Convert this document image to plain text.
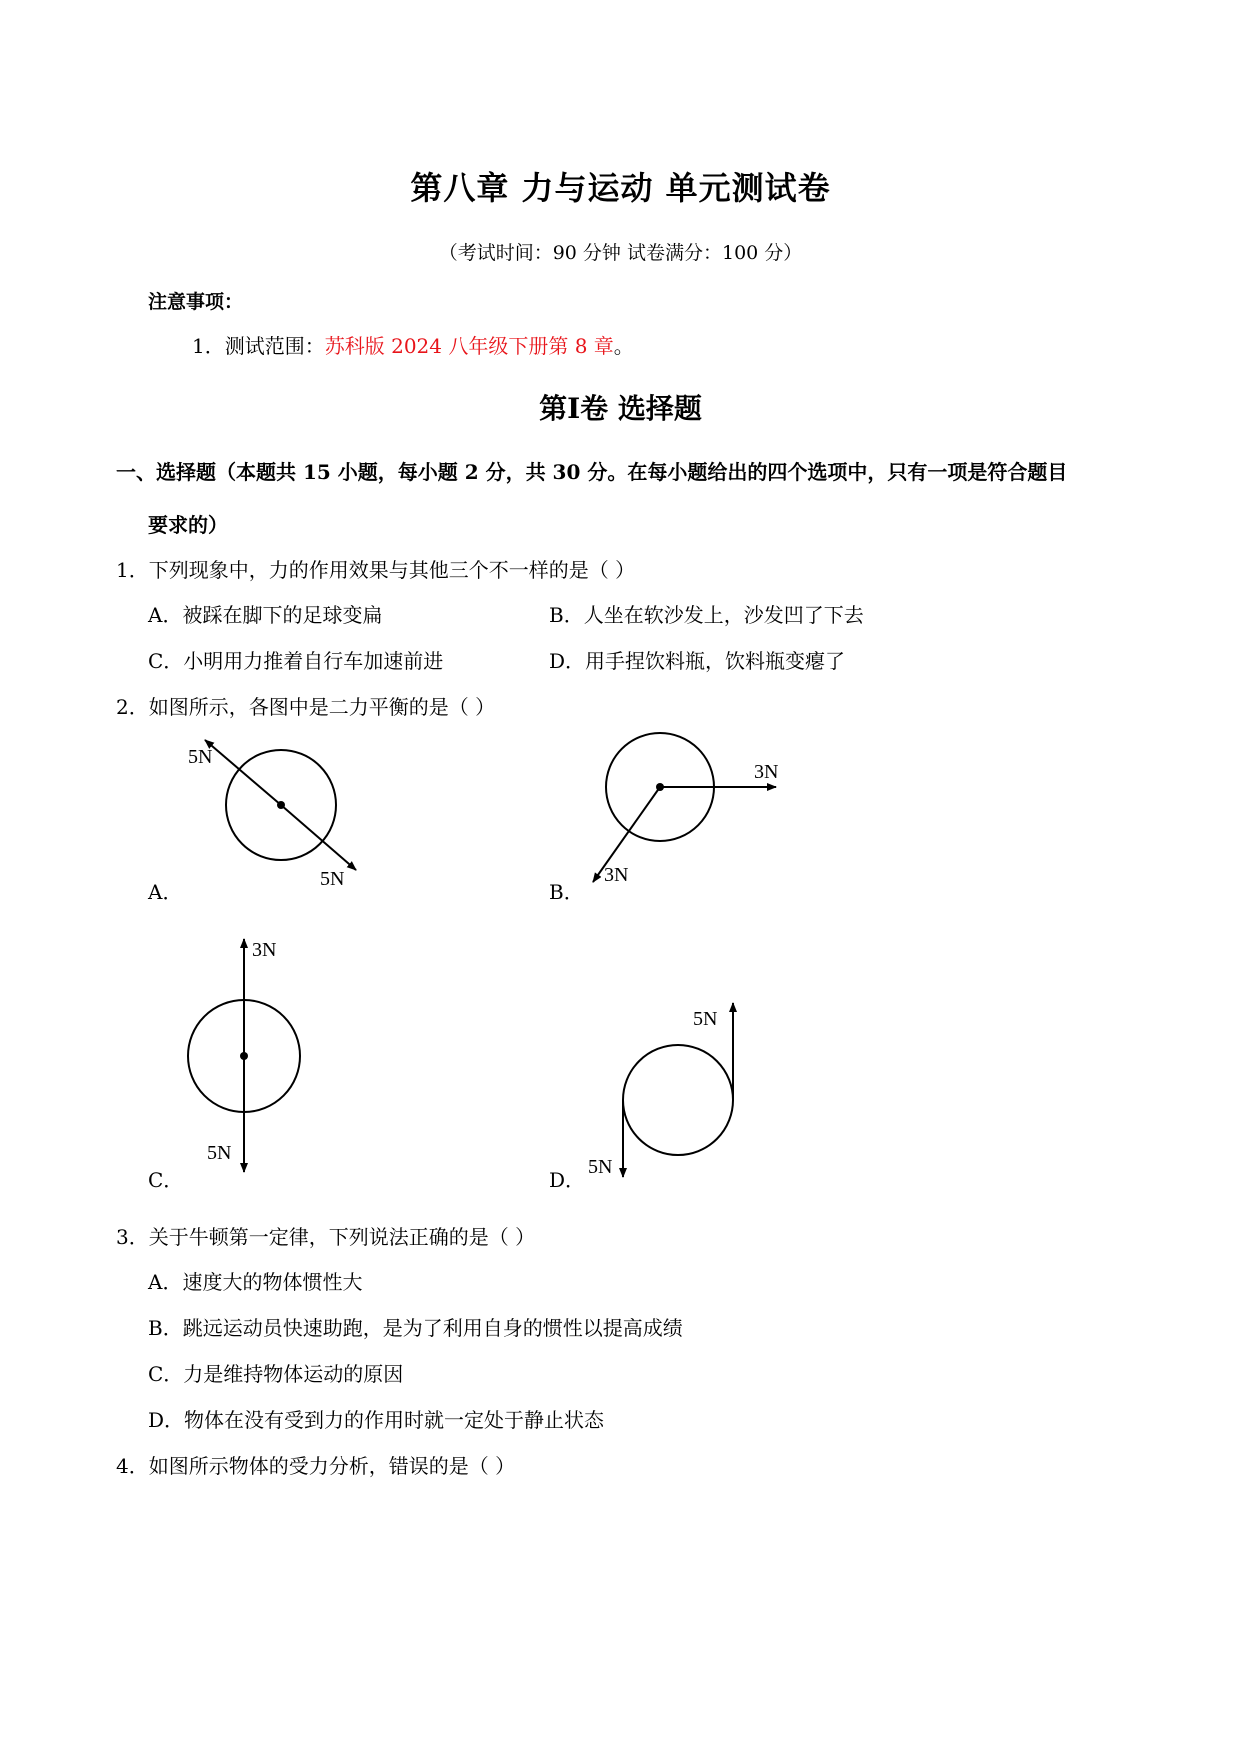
第八章 力与运动 单元测试卷
（考试时间：90 分钟 试卷满分：100 分）
注意事项：
1．测试范围：苏科版 2024 八年级下册第 8 章。
第Ⅰ卷 选择题
一、选择题（本题共 15 小题，每小题 2 分，共 30 分。在每小题给出的四个选项中，只有一项是符合题目
要求的）
1．下列现象中，力的作用效果与其他三个不一样的是（ ）
A．被踩在脚下的足球变扁	B．人坐在软沙发上，沙发凹了下去
C．小明用力推着自行车加速前进	D．用手捏饮料瓶，饮料瓶变瘪了
2．如图所示，各图中是二力平衡的是（ ）
A．
5N
5N
B．
3N
3N
C．
3N
5N
D．
5N
5N
3．关于牛顿第一定律，下列说法正确的是（ ）
A．速度大的物体惯性大
B．跳远运动员快速助跑，是为了利用自身的惯性以提高成绩
C．力是维持物体运动的原因
D．物体在没有受到力的作用时就一定处于静止状态
4．如图所示物体的受力分析，错误的是（ ）
